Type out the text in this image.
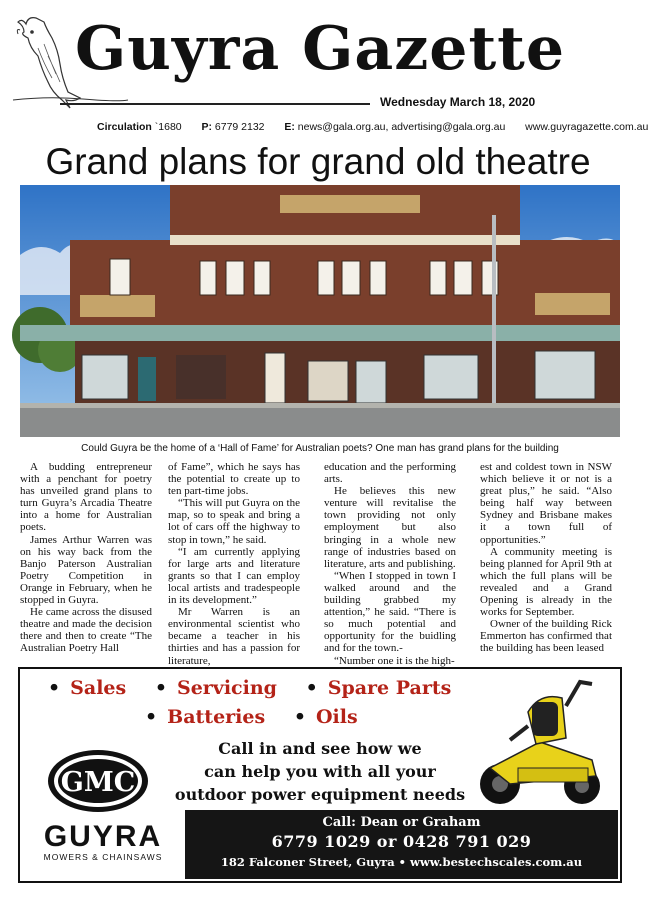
Guyra Gazette
Wednesday March 18, 2020
Circulation `1680 P: 6779 2132 E: news@gala.org.au, advertising@gala.org.au www.guyragazette.com.au
Grand plans for grand old theatre
Could Guyra be the home of a ‘Hall of Fame’ for Australian poets? One man has grand plans for the building

A budding entrepreneur with a penchant for poetry has unveiled grand plans to turn Guyra’s Arcadia Theatre into a home for Australian poets.

James Arthur Warren was on his way back from the Banjo Paterson Australian Poetry Competition in Orange in February, when he stopped in Guyra.

He came across the disused theatre and made the decision there and then to create “The Australian Poetry Hall

of Fame”, which he says has the potential to create up to ten part-time jobs.

“This will put Guyra on the map, so to speak and bring a lot of cars off the highway to stop in town,” he said.

“I am currently applying for large arts and literature grants so that I can employ local artists and tradespeople in its development.”

Mr Warren is an environmental scientist who became a teacher in his thirties and has a passion for literature,

education and the performing arts.

He believes this new venture will revitalise the town providing not only employment but also bringing in a whole new range of industries based on literature, arts and publishing.

“When I stopped in town I walked around and the building grabbed my attention,” he said. “There is so much potential and opportunity for the buidling and for the town.-

“Number one it is the high-

est and coldest town in NSW which believe it or not is a great plus,” he said. “Also being half way between Sydney and Brisbane makes it a town full of opportunities.”

A community meeting is being planned for April 9th at which the full plans will be revealed and a Grand Opening is already in the works for September.

Owner of the building Rick Emmerton has confirmed that the building has been leased

• Sales • Servicing • Spare Parts
• Batteries • Oils
Call in and see how we
can help you with all your
outdoor power equipment needs
GMC
GUYRA
MOWERS & CHAINSAWS
Call: Dean or Graham
6779 1029 or 0428 791 029
182 Falconer Street, Guyra • www.bestechscales.com.au
